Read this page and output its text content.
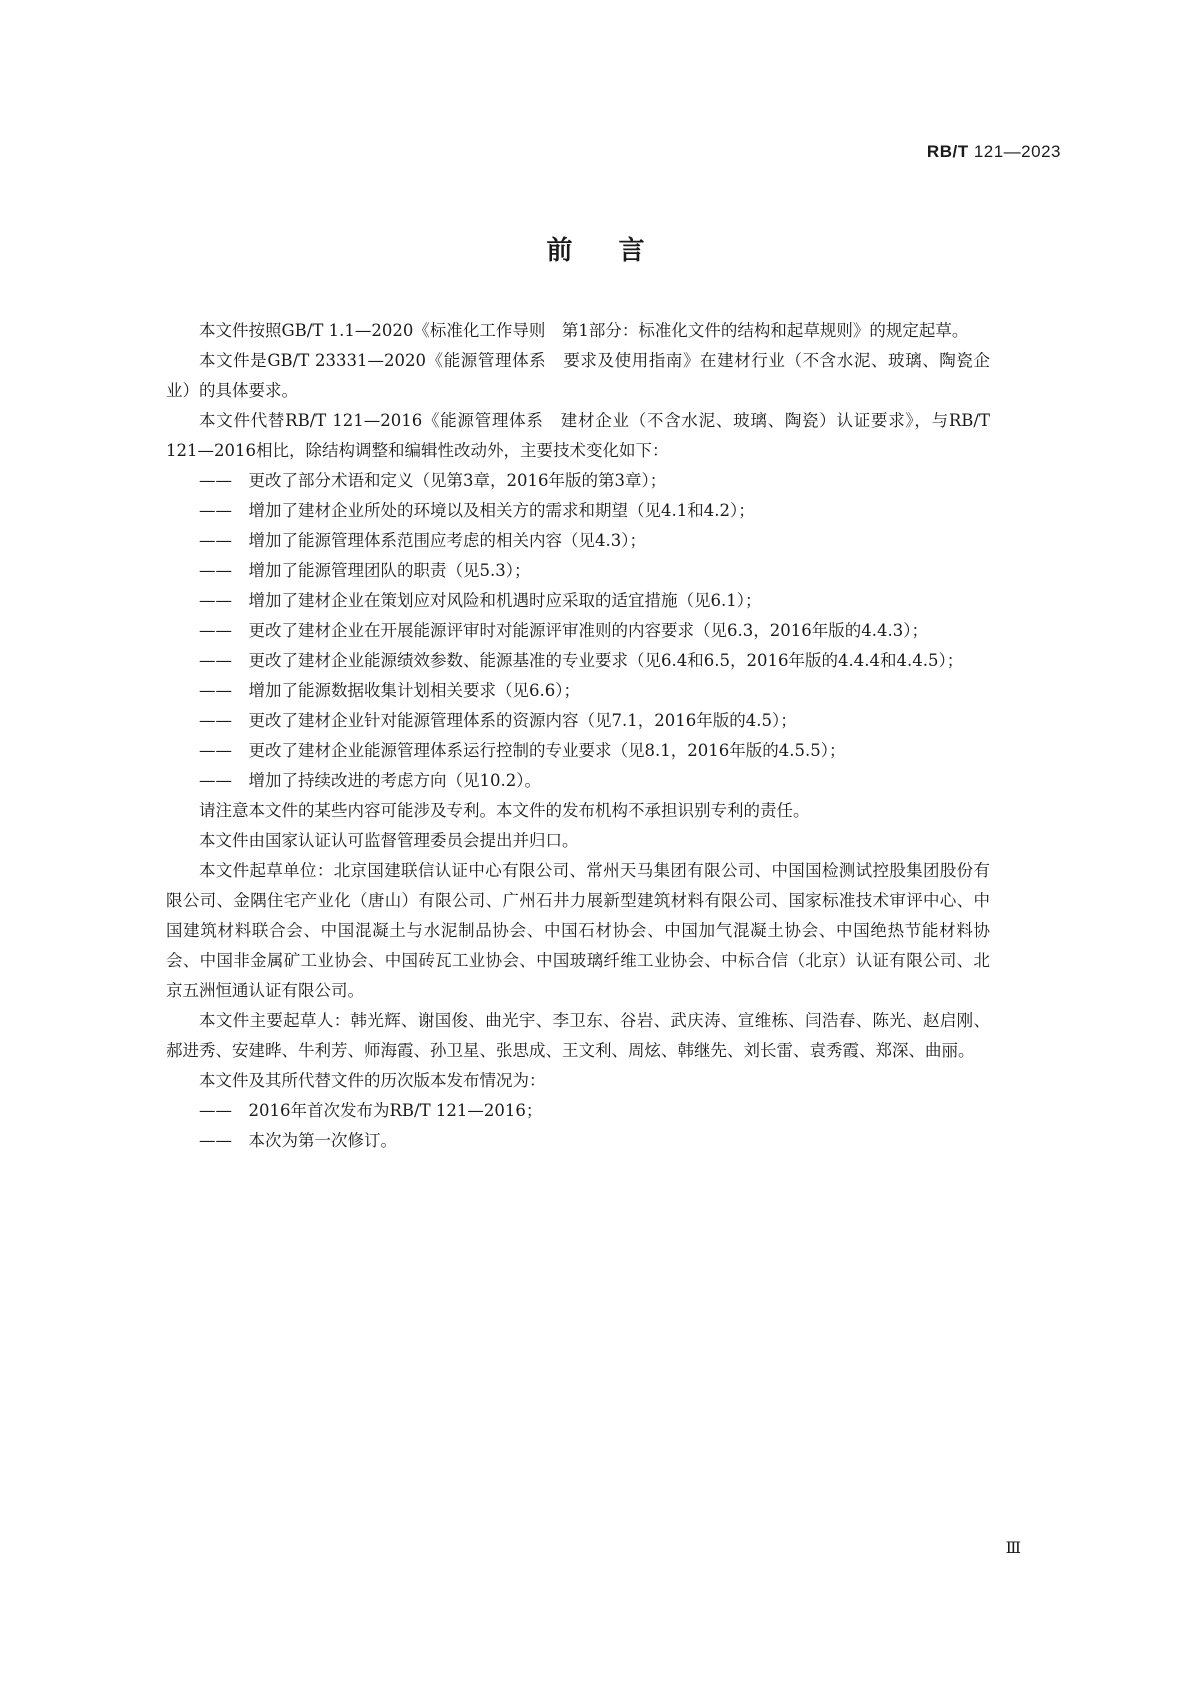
RB/T 121—2023
前言

本文件按照GB/T 1.1—2020《标准化工作导则　第1部分：标准化文件的结构和起草规则》的规定起草。

本文件是GB/T 23331—2020《能源管理体系　要求及使用指南》在建材行业（不含水泥、玻璃、陶瓷企业）的具体要求。

本文件代替RB/T 121—2016《能源管理体系　建材企业（不含水泥、玻璃、陶瓷）认证要求》，与RB/T 121—2016相比，除结构调整和编辑性改动外，主要技术变化如下：

—— 更改了部分术语和定义（见第3章，2016年版的第3章）；
—— 增加了建材企业所处的环境以及相关方的需求和期望（见4.1和4.2）；
—— 增加了能源管理体系范围应考虑的相关内容（见4.3）；
—— 增加了能源管理团队的职责（见5.3）；
—— 增加了建材企业在策划应对风险和机遇时应采取的适宜措施（见6.1）；
—— 更改了建材企业在开展能源评审时对能源评审准则的内容要求（见6.3，2016年版的4.4.3）；
—— 更改了建材企业能源绩效参数、能源基准的专业要求（见6.4和6.5，2016年版的4.4.4和4.4.5）；
—— 增加了能源数据收集计划相关要求（见6.6）；
—— 更改了建材企业针对能源管理体系的资源内容（见7.1，2016年版的4.5）；
—— 更改了建材企业能源管理体系运行控制的专业要求（见8.1，2016年版的4.5.5）；
—— 增加了持续改进的考虑方向（见10.2）。

请注意本文件的某些内容可能涉及专利。本文件的发布机构不承担识别专利的责任。

本文件由国家认证认可监督管理委员会提出并归口。

本文件起草单位：北京国建联信认证中心有限公司、常州天马集团有限公司、中国国检测试控股集团股份有限公司、金隅住宅产业化（唐山）有限公司、广州石井力展新型建筑材料有限公司、国家标准技术审评中心、中国建筑材料联合会、中国混凝土与水泥制品协会、中国石材协会、中国加气混凝土协会、中国绝热节能材料协会、中国非金属矿工业协会、中国砖瓦工业协会、中国玻璃纤维工业协会、中标合信（北京）认证有限公司、北京五洲恒通认证有限公司。

本文件主要起草人：韩光辉、谢国俊、曲光宇、李卫东、谷岩、武庆涛、宣维栋、闫浩春、陈光、赵启刚、郝进秀、安建晔、牛利芳、师海霞、孙卫星、张思成、王文利、周炫、韩继先、刘长雷、袁秀霞、郑深、曲丽。

本文件及其所代替文件的历次版本发布情况为：

—— 2016年首次发布为RB/T 121—2016；
—— 本次为第一次修订。
Ⅲ
